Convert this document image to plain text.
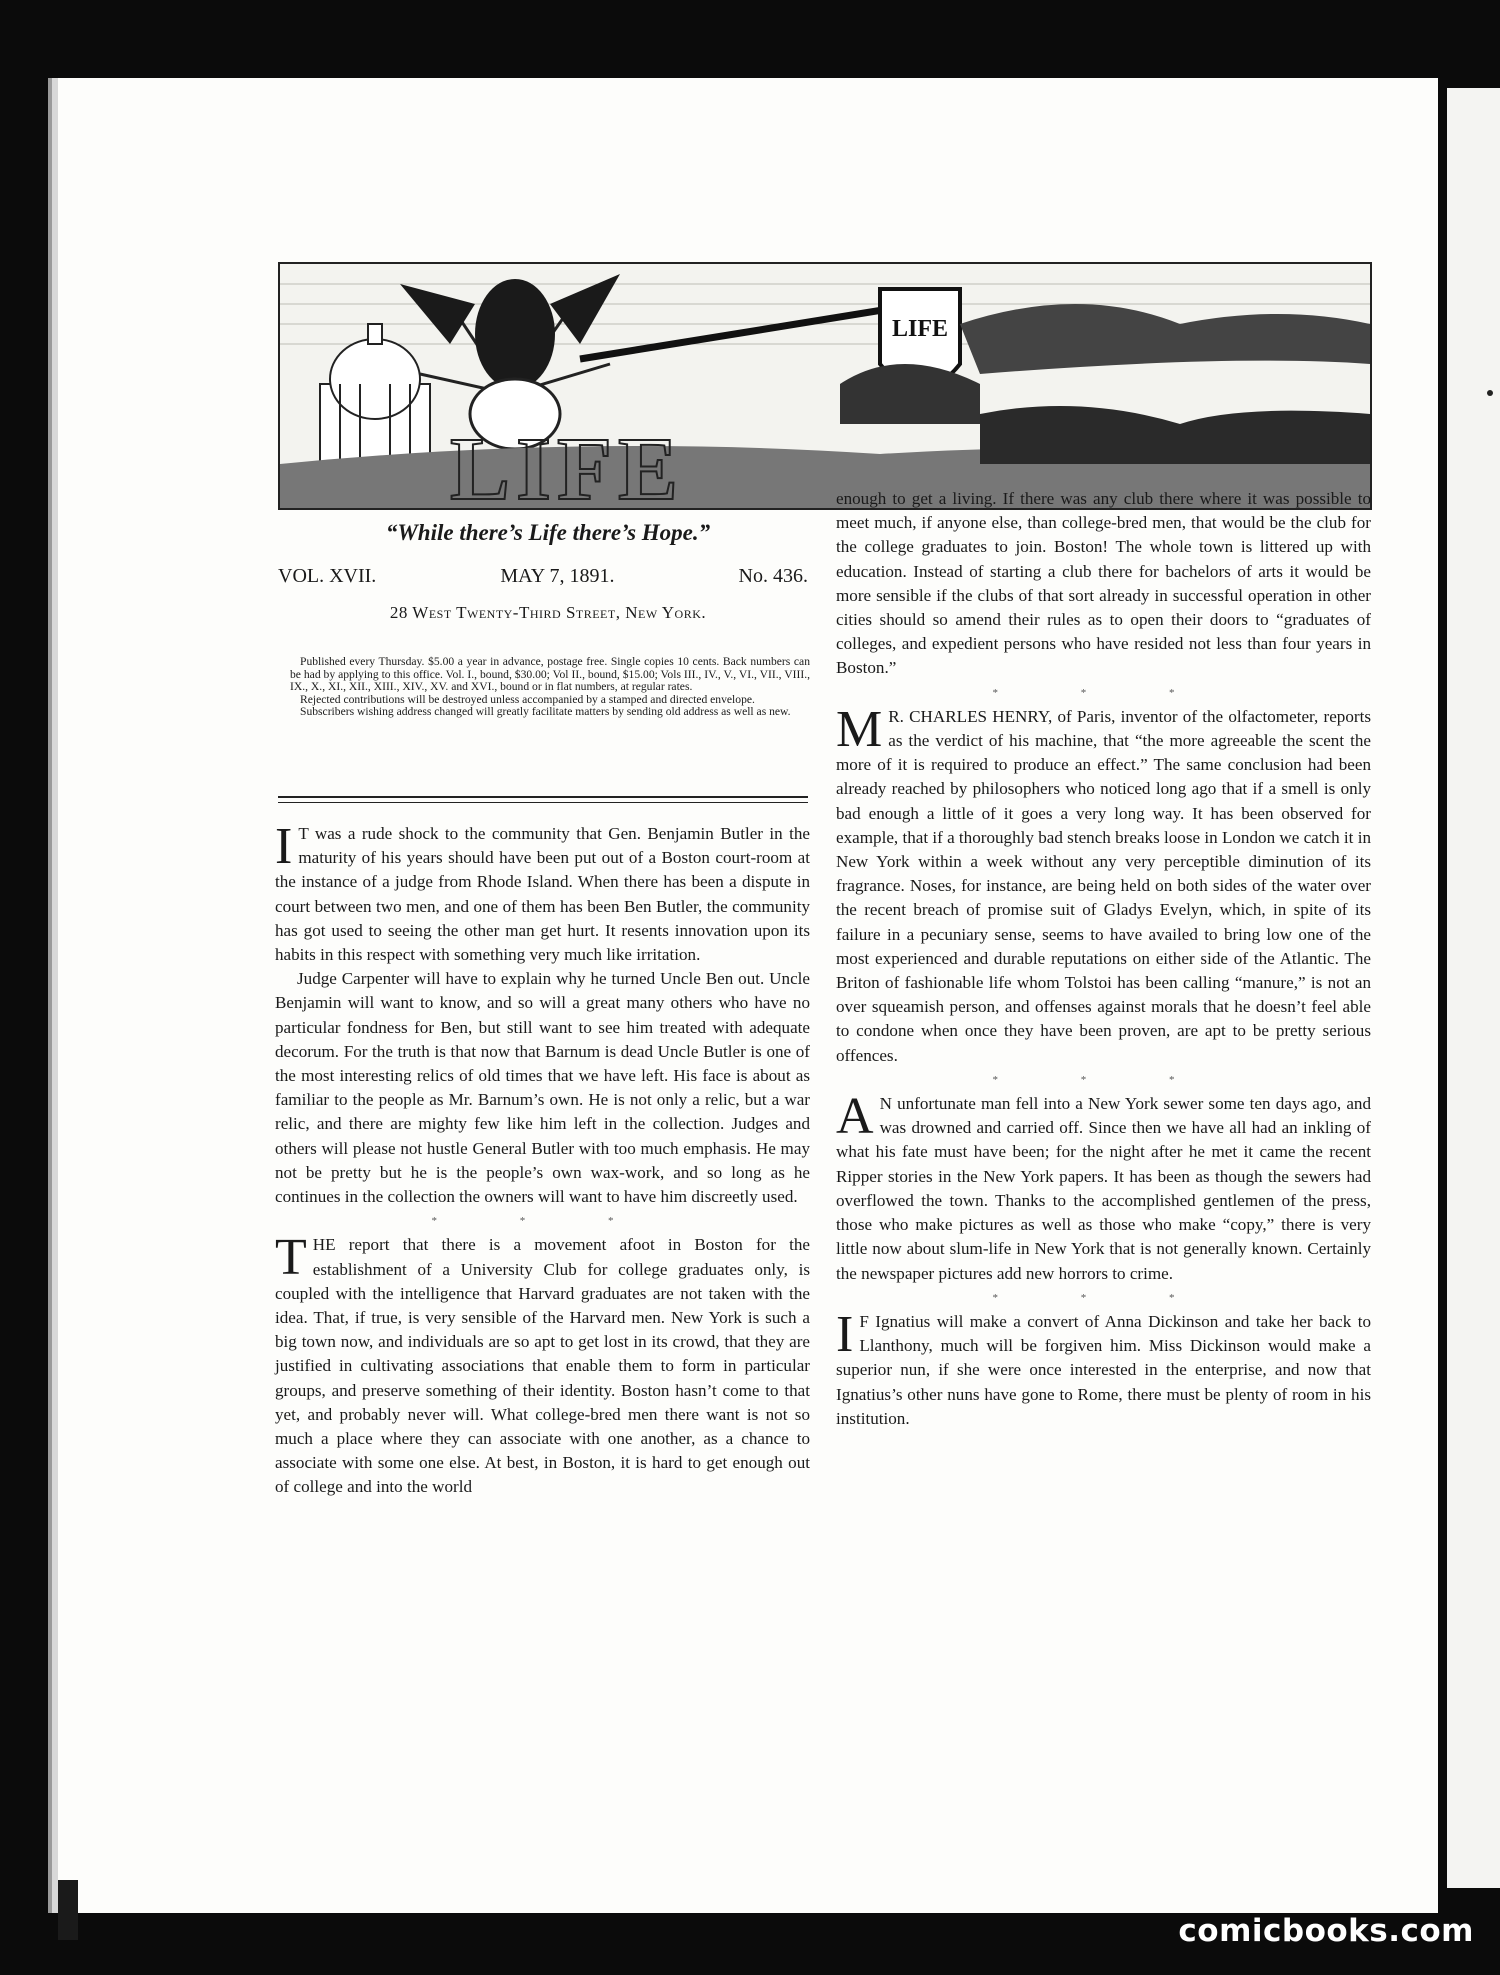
LIFE
LIFE
“While there’s Life there’s Hope.”
VOL. XVII.	MAY 7, 1891.	No. 436.
28 West Twenty-Third Street, New York.

Published every Thursday. $5.00 a year in advance, postage free. Single copies 10 cents. Back numbers can be had by applying to this office. Vol. I., bound, $30.00; Vol II., bound, $15.00; Vols III., IV., V., VI., VII., VIII., IX., X., XI., XII., XIII., XIV., XV. and XVI., bound or in flat numbers, at regular rates.

Rejected contributions will be destroyed unless accompanied by a stamped and directed envelope.

Subscribers wishing address changed will greatly facilitate matters by sending old address as well as new.

I T was a rude shock to the community that Gen. Benjamin Butler in the maturity of his years should have been put out of a Boston court-room at the instance of a judge from Rhode Island. When there has been a dispute in court between two men, and one of them has been Ben Butler, the community has got used to seeing the other man get hurt. It resents innovation upon its habits in this respect with something very much like irritation.

Judge Carpenter will have to explain why he turned Uncle Ben out. Uncle Benjamin will want to know, and so will a great many others who have no particular fondness for Ben, but still want to see him treated with adequate decorum. For the truth is that now that Barnum is dead Uncle Butler is one of the most interesting relics of old times that we have left. His face is about as familiar to the people as Mr. Barnum’s own. He is not only a relic, but a war relic, and there are mighty few like him left in the collection. Judges and others will please not hustle General Butler with too much emphasis. He may not be pretty but he is the people’s own wax-work, and so long as he continues in the collection the owners will want to have him discreetly used.

* * *

THE report that there is a movement afoot in Boston for the establishment of a University Club for college graduates only, is coupled with the intelligence that Harvard graduates are not taken with the idea. That, if true, is very sensible of the Harvard men. New York is such a big town now, and individuals are so apt to get lost in its crowd, that they are justified in cultivating associations that enable them to form in particular groups, and preserve something of their identity. Boston hasn’t come to that yet, and probably never will. What college-bred men there want is not so much a place where they can associate with one another, as a chance to associate with some one else. At best, in Boston, it is hard to get enough out of college and into the world

enough to get a living. If there was any club there where it was possible to meet much, if anyone else, than college-bred men, that would be the club for the college graduates to join. Boston! The whole town is littered up with education. Instead of starting a club there for bachelors of arts it would be more sensible if the clubs of that sort already in successful operation in other cities should so amend their rules as to open their doors to “graduates of colleges, and expedient persons who have resided not less than four years in Boston.”

* * *

M R. CHARLES HENRY, of Paris, inventor of the olfactometer, reports as the verdict of his machine, that “the more agreeable the scent the more of it is required to produce an effect.” The same conclusion had been already reached by philosophers who noticed long ago that if a smell is only bad enough a little of it goes a very long way. It has been observed for example, that if a thoroughly bad stench breaks loose in London we catch it in New York within a week without any very perceptible diminution of its fragrance. Noses, for instance, are being held on both sides of the water over the recent breach of promise suit of Gladys Evelyn, which, in spite of its failure in a pecuniary sense, seems to have availed to bring low one of the most experienced and durable reputations on either side of the Atlantic. The Briton of fashionable life whom Tolstoi has been calling “manure,” is not an over squeamish person, and offenses against morals that he doesn’t feel able to condone when once they have been proven, are apt to be pretty serious offences.

* * *

A N unfortunate man fell into a New York sewer some ten days ago, and was drowned and carried off. Since then we have all had an inkling of what his fate must have been; for the night after he met it came the recent Ripper stories in the New York papers. It has been as though the sewers had overflowed the town. Thanks to the accomplished gentlemen of the press, those who make pictures as well as those who make “copy,” there is very little now about slum-life in New York that is not generally known. Certainly the newspaper pictures add new horrors to crime.

* * *

I F Ignatius will make a convert of Anna Dickinson and take her back to Llanthony, much will be forgiven him. Miss Dickinson would make a superior nun, if she were once interested in the enterprise, and now that Ignatius’s other nuns have gone to Rome, there must be plenty of room in his institution.

comicbooks.com
